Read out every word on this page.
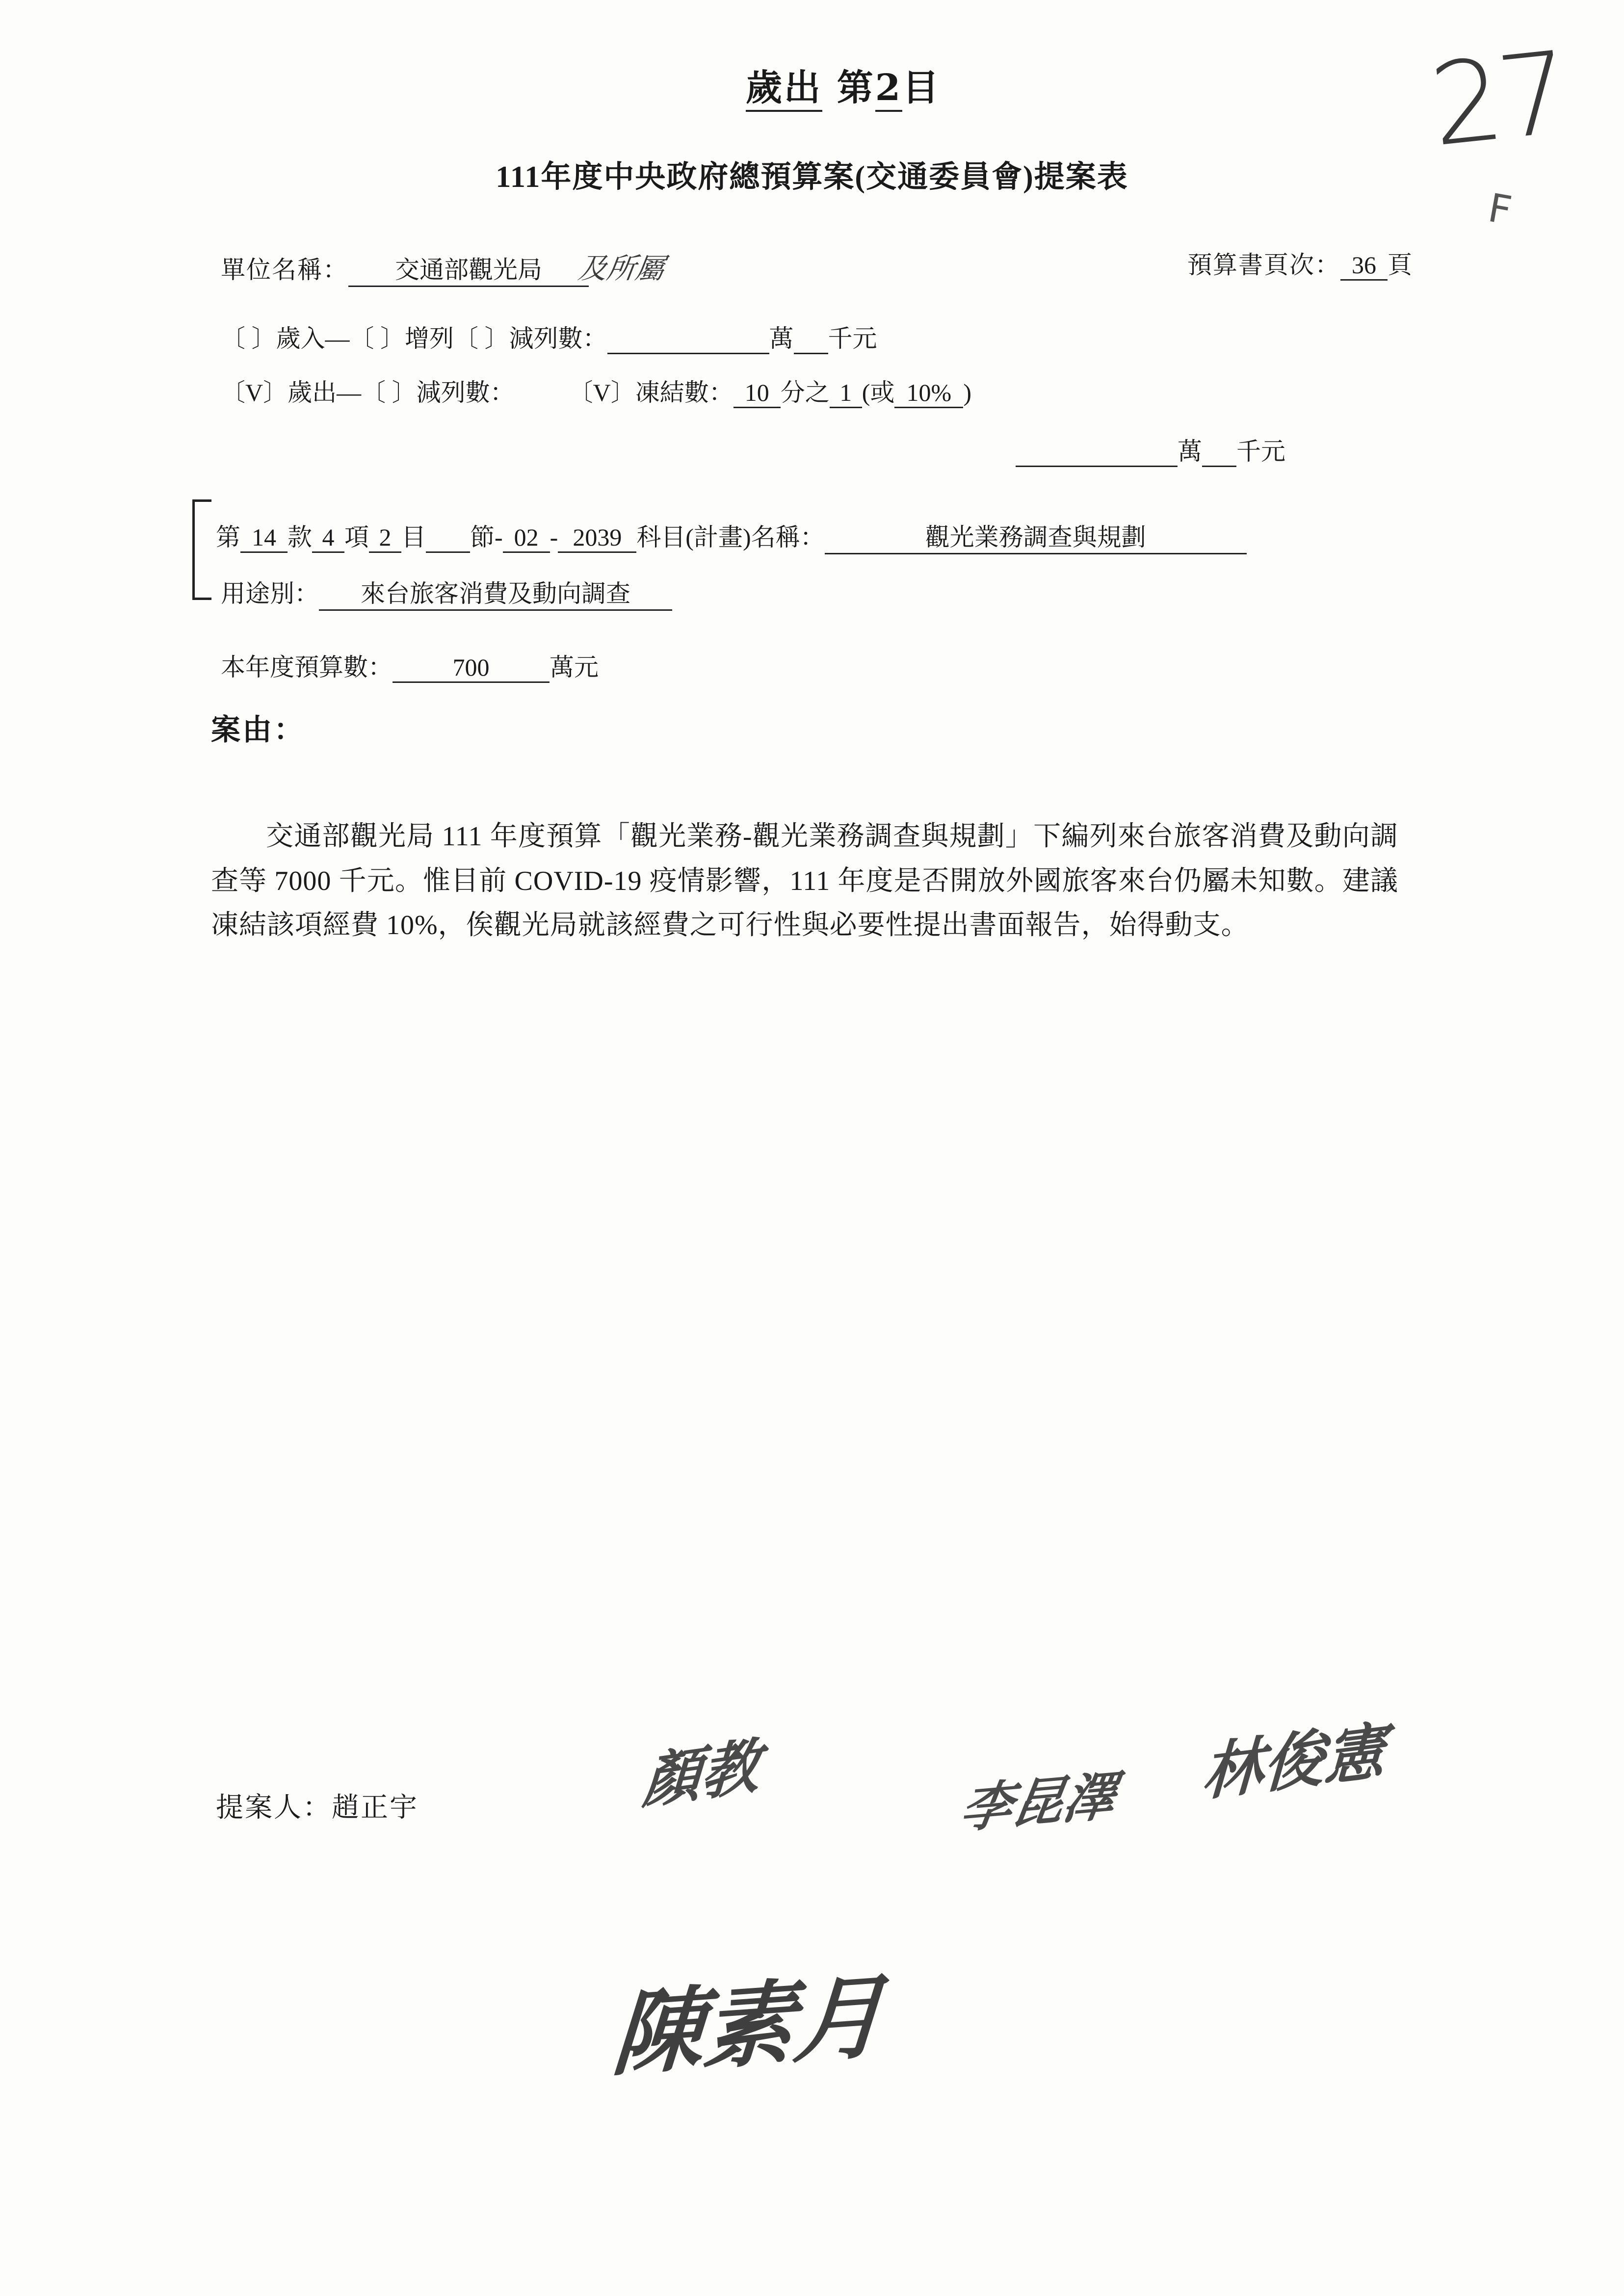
歲出 第2目	27
F
111年度中央政府總預算案(交通委員會)提案表
單位名稱： 交通部觀光局 及所屬	預算書頁次： 36 頁
〔 〕歲入—〔 〕增列〔 〕減列數：	萬 千元
〔V〕歲出—〔 〕減列數： 〔V〕凍結數： 10 分之 1 (或 10% )
萬 千元
第 14 款 4 項 2 目 節- 02 - 2039 科目(計畫)名稱：	觀光業務調查與規劃
用途別： 來台旅客消費及動向調查
本年度預算數： 700 萬元
案由：

交通部觀光局 111 年度預算「觀光業務-觀光業務調查與規劃」下編列來台旅客消費及動向調查等 7000 千元。惟目前 COVID-19 疫情影響，111 年度是否開放外國旅客來台仍屬未知數。建議凍結該項經費 10%，俟觀光局就該經費之可行性與必要性提出書面報告，始得動支。

提案人：趙正宇	顏教	李昆澤 林俊憲
陳素月
